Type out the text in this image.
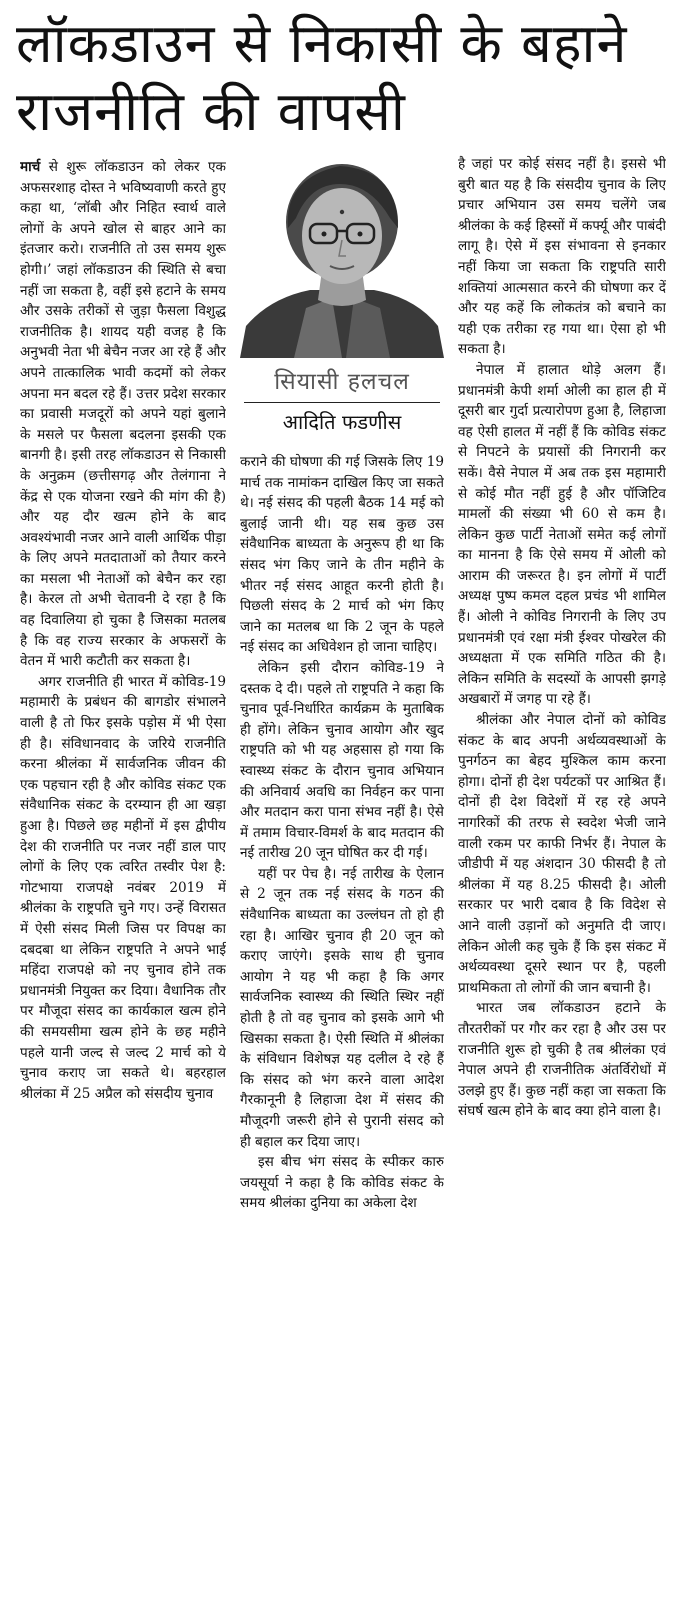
लॉकडाउन से निकासी के बहाने राजनीति की वापसी

मार्च से शुरू लॉकडाउन को लेकर एक अफसरशाह दोस्त ने भविष्यवाणी करते हुए कहा था, ‘लॉबी और निहित स्वार्थ वाले लोगों के अपने खोल से बाहर आने का इंतजार करो। राजनीति तो उस समय शुरू होगी।’ जहां लॉकडाउन की स्थिति से बचा नहीं जा सकता है, वहीं इसे हटाने के समय और उसके तरीकों से जुड़ा फैसला विशुद्ध राजनीतिक है। शायद यही वजह है कि अनुभवी नेता भी बेचैन नजर आ रहे हैं और अपने तात्कालिक भावी कदमों को लेकर अपना मन बदल रहे हैं। उत्तर प्रदेश सरकार का प्रवासी मजदूरों को अपने यहां बुलाने के मसले पर फैसला बदलना इसकी एक बानगी है। इसी तरह लॉकडाउन से निकासी के अनुक्रम (छत्तीसगढ़ और तेलंगाना ने केंद्र से एक योजना रखने की मांग की है) और यह दौर खत्म होने के बाद अवश्यंभावी नजर आने वाली आर्थिक पीड़ा के लिए अपने मतदाताओं को तैयार करने का मसला भी नेताओं को बेचैन कर रहा है। केरल तो अभी चेतावनी दे रहा है कि वह दिवालिया हो चुका है जिसका मतलब है कि वह राज्य सरकार के अफसरों के वेतन में भारी कटौती कर सकता है।

अगर राजनीति ही भारत में कोविड-19 महामारी के प्रबंधन की बागडोर संभालने वाली है तो फिर इसके पड़ोस में भी ऐसा ही है। संविधानवाद के जरिये राजनीति करना श्रीलंका में सार्वजनिक जीवन की एक पहचान रही है और कोविड संकट एक संवैधानिक संकट के दरम्यान ही आ खड़ा हुआ है। पिछले छह महीनों में इस द्वीपीय देश की राजनीति पर नजर नहीं डाल पाए लोगों के लिए एक त्वरित तस्वीर पेश है: गोटभाया राजपक्षे नवंबर 2019 में श्रीलंका के राष्ट्रपति चुने गए। उन्हें विरासत में ऐसी संसद मिली जिस पर विपक्ष का दबदबा था लेकिन राष्ट्रपति ने अपने भाई महिंदा राजपक्षे को नए चुनाव होने तक प्रधानमंत्री नियुक्त कर दिया। वैधानिक तौर पर मौजूदा संसद का कार्यकाल खत्म होने की समयसीमा खत्म होने के छह महीने पहले यानी जल्द से जल्द 2 मार्च को ये चुनाव कराए जा सकते थे। बहरहाल श्रीलंका में 25 अप्रैल को संसदीय चुनाव

सियासी हलचल
आदिति फडणीस

कराने की घोषणा की गई जिसके लिए 19 मार्च तक नामांकन दाखिल किए जा सकते थे। नई संसद की पहली बैठक 14 मई को बुलाई जानी थी। यह सब कुछ उस संवैधानिक बाध्यता के अनुरूप ही था कि संसद भंग किए जाने के तीन महीने के भीतर नई संसद आहूत करनी होती है। पिछली संसद के 2 मार्च को भंग किए जाने का मतलब था कि 2 जून के पहले नई संसद का अधिवेशन हो जाना चाहिए।

लेकिन इसी दौरान कोविड-19 ने दस्तक दे दी। पहले तो राष्ट्रपति ने कहा कि चुनाव पूर्व-निर्धारित कार्यक्रम के मुताबिक ही होंगे। लेकिन चुनाव आयोग और खुद राष्ट्रपति को भी यह अहसास हो गया कि स्वास्थ्य संकट के दौरान चुनाव अभियान की अनिवार्य अवधि का निर्वहन कर पाना और मतदान करा पाना संभव नहीं है। ऐसे में तमाम विचार-विमर्श के बाद मतदान की नई तारीख 20 जून घोषित कर दी गई।

यहीं पर पेच है। नई तारीख के ऐलान से 2 जून तक नई संसद के गठन की संवैधानिक बाध्यता का उल्लंघन तो हो ही रहा है। आखिर चुनाव ही 20 जून को कराए जाएंगे। इसके साथ ही चुनाव आयोग ने यह भी कहा है कि अगर सार्वजनिक स्वास्थ्य की स्थिति स्थिर नहीं होती है तो वह चुनाव को इसके आगे भी खिसका सकता है। ऐसी स्थिति में श्रीलंका के संविधान विशेषज्ञ यह दलील दे रहे हैं कि संसद को भंग करने वाला आदेश गैरकानूनी है लिहाजा देश में संसद की मौजूदगी जरूरी होने से पुरानी संसद को ही बहाल कर दिया जाए।

इस बीच भंग संसद के स्पीकर कारु जयसूर्या ने कहा है कि कोविड संकट के समय श्रीलंका दुनिया का अकेला देश

है जहां पर कोई संसद नहीं है। इससे भी बुरी बात यह है कि संसदीय चुनाव के लिए प्रचार अभियान उस समय चलेंगे जब श्रीलंका के कई हिस्सों में कर्फ्यू और पाबंदी लागू है। ऐसे में इस संभावना से इनकार नहीं किया जा सकता कि राष्ट्रपति सारी शक्तियां आत्मसात करने की घोषणा कर दें और यह कहें कि लोकतंत्र को बचाने का यही एक तरीका रह गया था। ऐसा हो भी सकता है।

नेपाल में हालात थोड़े अलग हैं। प्रधानमंत्री केपी शर्मा ओली का हाल ही में दूसरी बार गुर्दा प्रत्यारोपण हुआ है, लिहाजा वह ऐसी हालत में नहीं हैं कि कोविड संकट से निपटने के प्रयासों की निगरानी कर सकें। वैसे नेपाल में अब तक इस महामारी से कोई मौत नहीं हुई है और पॉजिटिव मामलों की संख्या भी 60 से कम है। लेकिन कुछ पार्टी नेताओं समेत कई लोगों का मानना है कि ऐसे समय में ओली को आराम की जरूरत है। इन लोगों में पार्टी अध्यक्ष पुष्प कमल दहल प्रचंड भी शामिल हैं। ओली ने कोविड निगरानी के लिए उप प्रधानमंत्री एवं रक्षा मंत्री ईश्वर पोखरेल की अध्यक्षता में एक समिति गठित की है। लेकिन समिति के सदस्यों के आपसी झगड़े अखबारों में जगह पा रहे हैं।

श्रीलंका और नेपाल दोनों को कोविड संकट के बाद अपनी अर्थव्यवस्थाओं के पुनर्गठन का बेहद मुश्किल काम करना होगा। दोनों ही देश पर्यटकों पर आश्रित हैं। दोनों ही देश विदेशों में रह रहे अपने नागरिकों की तरफ से स्वदेश भेजी जाने वाली रकम पर काफी निर्भर हैं। नेपाल के जीडीपी में यह अंशदान 30 फीसदी है तो श्रीलंका में यह 8.25 फीसदी है। ओली सरकार पर भारी दबाव है कि विदेश से आने वाली उड़ानों को अनुमति दी जाए। लेकिन ओली कह चुके हैं कि इस संकट में अर्थव्यवस्था दूसरे स्थान पर है, पहली प्राथमिकता तो लोगों की जान बचानी है।

भारत जब लॉकडाउन हटाने के तौरतरीकों पर गौर कर रहा है और उस पर राजनीति शुरू हो चुकी है तब श्रीलंका एवं नेपाल अपने ही राजनीतिक अंतर्विरोधों में उलझे हुए हैं। कुछ नहीं कहा जा सकता कि संघर्ष खत्म होने के बाद क्या होने वाला है।
